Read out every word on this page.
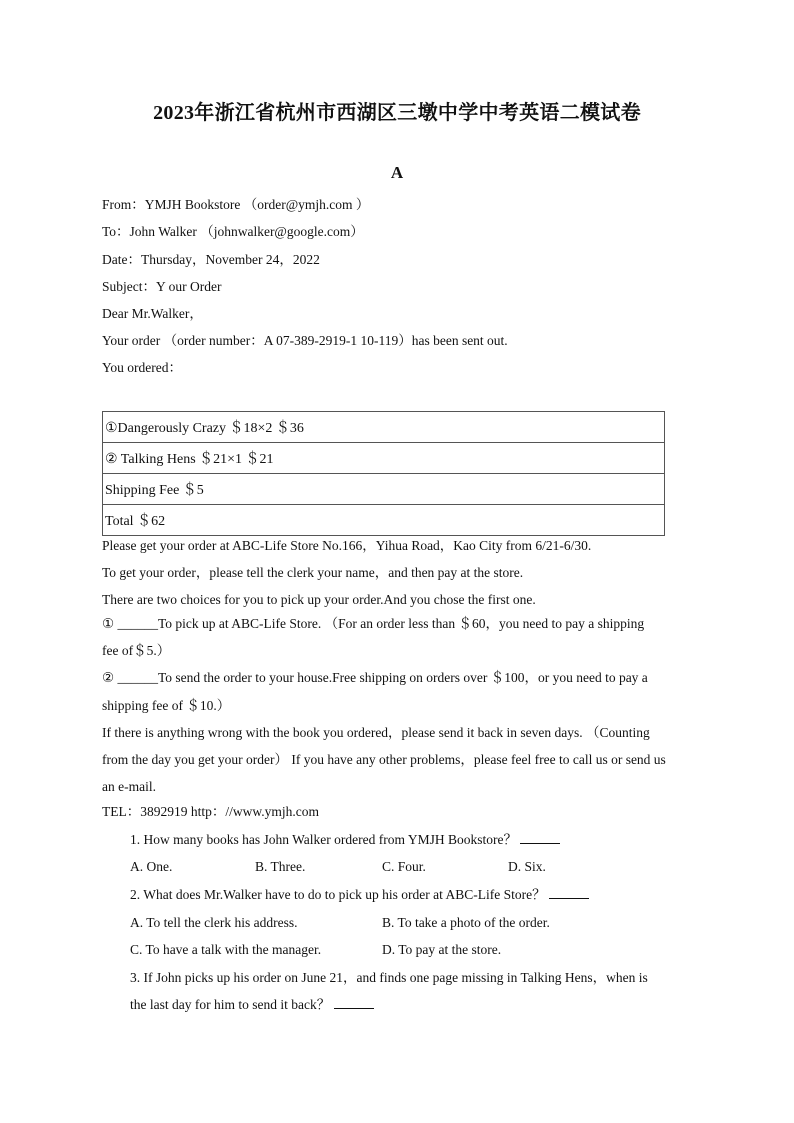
2023年浙江省杭州市西湖区三墩中学中考英语二模试卷
A
From：YMJH Bookstore （order@ymjh.com ）
To：John Walker （johnwalker@google.com）
Date：Thursday，November 24，2022
Subject：Y our Order
Dear Mr.Walker，
Your order （order number：A 07-389-2919-1 10-119）has been sent out.
You ordered：
①Dangerously Crazy ＄18×2 ＄36
② Talking Hens ＄21×1 ＄21
Shipping Fee ＄5
Total ＄62
Please get your order at ABC-Life Store No.166，Yihua Road，Kao City from 6/21-6/30.
To get your order，please tell the clerk your name，and then pay at the store.
There are two choices for you to pick up your order.And you chose the first one.
① ______To pick up at ABC-Life Store. （For an order less than ＄60，you need to pay a shipping
fee of＄5.）
② ______To send the order to your house.Free shipping on orders over ＄100，or you need to pay a
shipping fee of ＄10.）
If there is anything wrong with the book you ordered，please send it back in seven days. （Counting
from the day you get your order） If you have any other problems，please feel free to call us or send us
an e-mail.
TEL：3892919 http：//www.ymjh.com
1. How many books has John Walker ordered from YMJH Bookstore？
A. One.	B. Three.	C. Four.	D. Six.
2. What does Mr.Walker have to do to pick up his order at ABC-Life Store？
A. To tell the clerk his address.	B. To take a photo of the order.
C. To have a talk with the manager.	D. To pay at the store.
3. If John picks up his order on June 21，and finds one page missing in Talking Hens，when is
the last day for him to send it back？
